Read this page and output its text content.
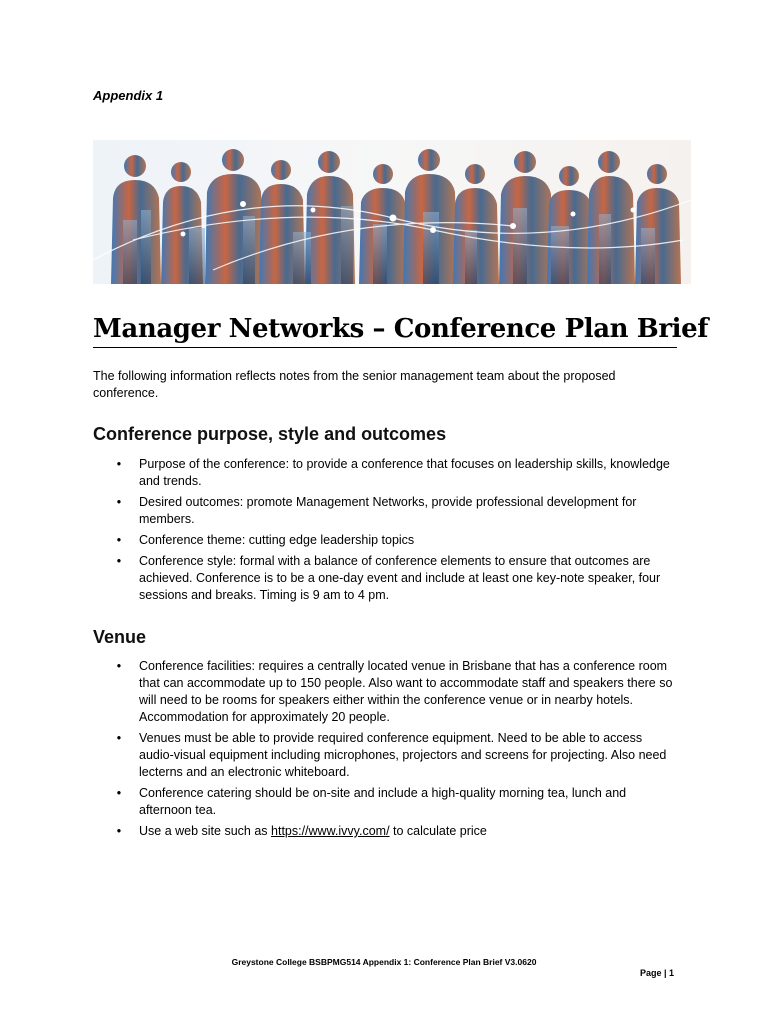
Appendix 1
Manager Networks – Conference Plan Brief
The following information reflects notes from the senior management team about the proposed conference.
Conference purpose, style and outcomes
•	Purpose of the conference: to provide a conference that focuses on leadership skills, knowledge and trends.
•	Desired outcomes: promote Management Networks, provide professional development for members.
•	Conference theme: cutting edge leadership topics
•	Conference style: formal with a balance of conference elements to ensure that outcomes are achieved. Conference is to be a one-day event and include at least one key-note speaker, four sessions and breaks. Timing is 9 am to 4 pm.
Venue
•	Conference facilities: requires a centrally located venue in Brisbane that has a conference room that can accommodate up to 150 people. Also want to accommodate staff and speakers there so will need to be rooms for speakers either within the conference venue or in nearby hotels. Accommodation for approximately 20 people.
•	Venues must be able to provide required conference equipment. Need to be able to access audio-visual equipment including microphones, projectors and screens for projecting. Also need lecterns and an electronic whiteboard.
•	Conference catering should be on-site and include a high-quality morning tea, lunch and afternoon tea.
•	Use a web site such as https://www.ivvy.com/ to calculate price
Greystone College BSBPMG514 Appendix 1: Conference Plan Brief V3.0620
Page | 1
